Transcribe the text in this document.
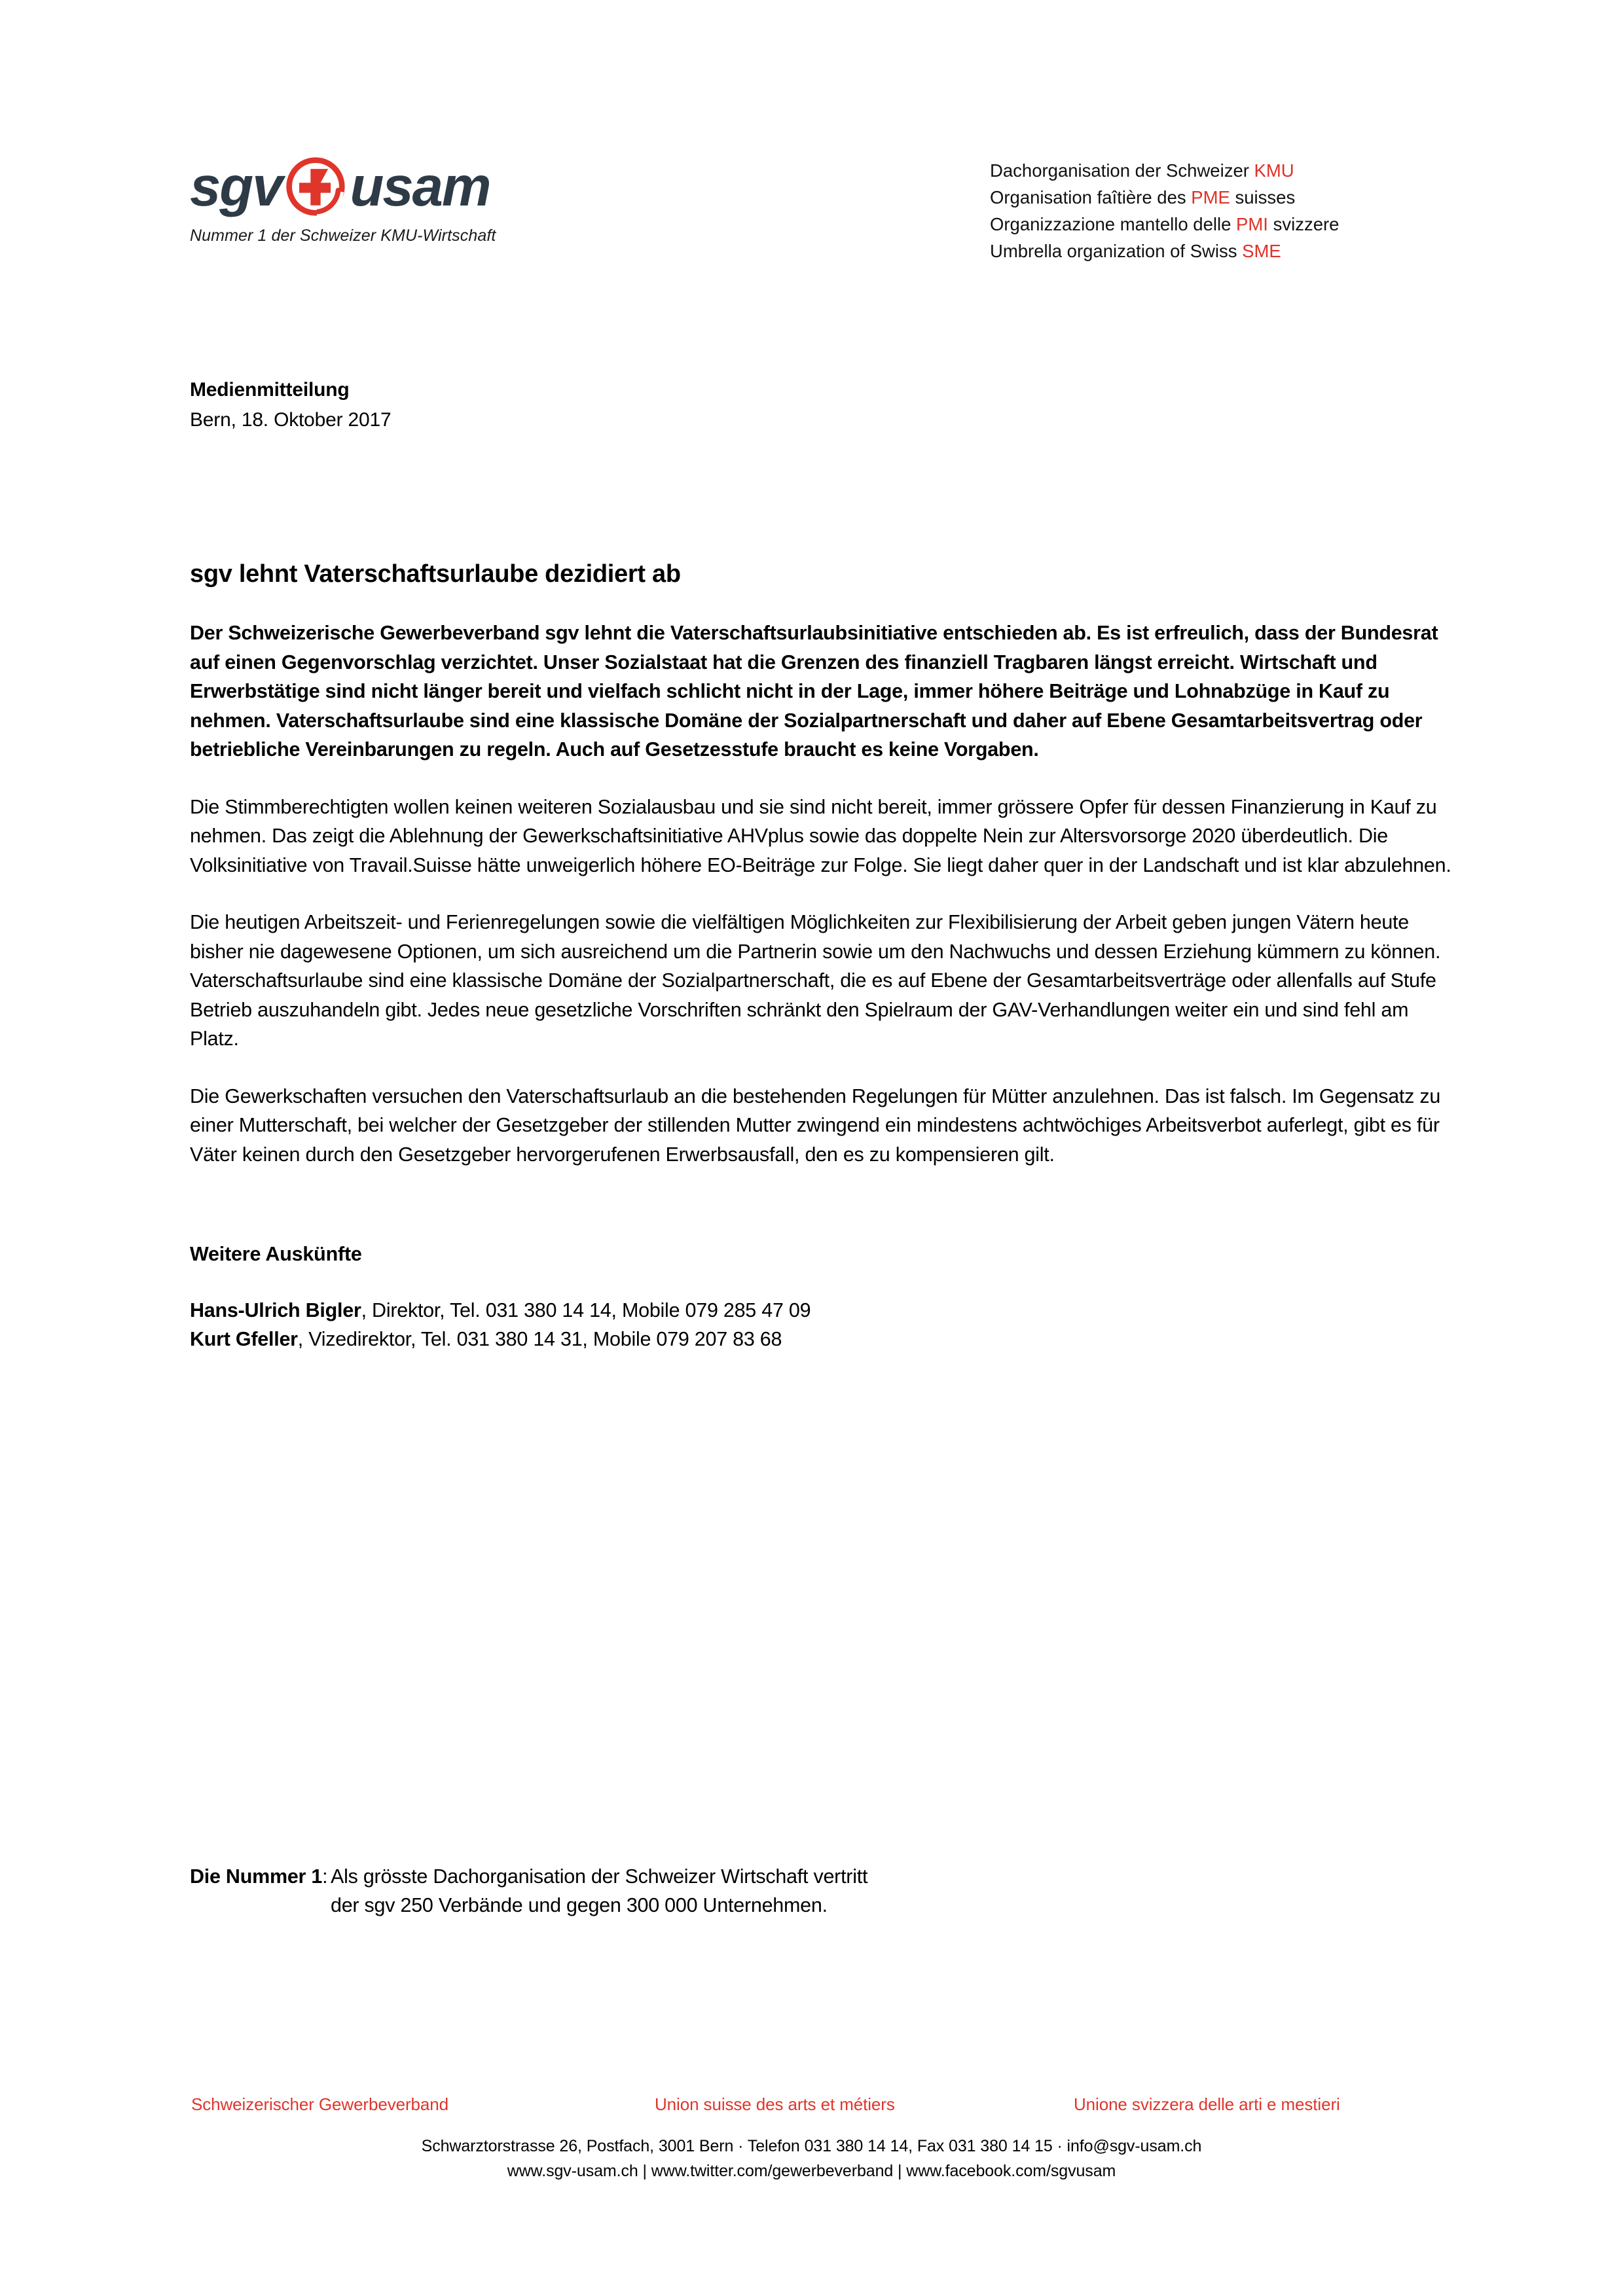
sgv usam
Nummer 1 der Schweizer KMU-Wirtschaft
Dachorganisation der Schweizer KMU
Organisation faîtière des PME suisses
Organizzazione mantello delle PMI svizzere
Umbrella organization of Swiss SME
Medienmitteilung
Bern, 18. Oktober 2017
sgv lehnt Vaterschaftsurlaube dezidiert ab

Der Schweizerische Gewerbeverband sgv lehnt die Vaterschaftsurlaubsinitiative entschieden ab. Es ist erfreulich, dass der Bundesrat auf einen Gegenvorschlag verzichtet. Unser Sozialstaat hat die Grenzen des finanziell Tragbaren längst erreicht. Wirtschaft und Erwerbstätige sind nicht länger bereit und vielfach schlicht nicht in der Lage, immer höhere Beiträge und Lohnabzüge in Kauf zu nehmen. Vaterschaftsurlaube sind eine klassische Domäne der Sozialpartnerschaft und daher auf Ebene Gesamtarbeitsvertrag oder betriebliche Vereinbarungen zu regeln. Auch auf Gesetzesstufe braucht es keine Vorgaben.

Die Stimmberechtigten wollen keinen weiteren Sozialausbau und sie sind nicht bereit, immer grössere Opfer für dessen Finanzierung in Kauf zu nehmen. Das zeigt die Ablehnung der Gewerkschaftsinitiative AHVplus sowie das doppelte Nein zur Altersvorsorge 2020 überdeutlich. Die Volksinitiative von Travail.Suisse hätte unweigerlich höhere EO-Beiträge zur Folge. Sie liegt daher quer in der Landschaft und ist klar abzulehnen.

Die heutigen Arbeitszeit- und Ferienregelungen sowie die vielfältigen Möglichkeiten zur Flexibilisierung der Arbeit geben jungen Vätern heute bisher nie dagewesene Optionen, um sich ausreichend um die Partnerin sowie um den Nachwuchs und dessen Erziehung kümmern zu können. Vaterschaftsurlaube sind eine klassische Domäne der Sozialpartnerschaft, die es auf Ebene der Gesamtarbeitsverträge oder allenfalls auf Stufe Betrieb auszuhandeln gibt. Jedes neue gesetzliche Vorschriften schränkt den Spielraum der GAV-Verhandlungen weiter ein und sind fehl am Platz.

Die Gewerkschaften versuchen den Vaterschaftsurlaub an die bestehenden Regelungen für Mütter anzulehnen. Das ist falsch. Im Gegensatz zu einer Mutterschaft, bei welcher der Gesetzgeber der stillenden Mutter zwingend ein mindestens achtwöchiges Arbeitsverbot auferlegt, gibt es für Väter keinen durch den Gesetzgeber hervorgerufenen Erwerbsausfall, den es zu kompensieren gilt.

Weitere Auskünfte
Hans-Ulrich Bigler, Direktor, Tel. 031 380 14 14, Mobile 079 285 47 09
Kurt Gfeller, Vizedirektor, Tel. 031 380 14 31, Mobile 079 207 83 68
Die Nummer 1: Als grösste Dachorganisation der Schweizer Wirtschaft vertritt
der sgv 250 Verbände und gegen 300 000 Unternehmen.
Schweizerischer Gewerbeverband	Union suisse des arts et métiers	Unione svizzera delle arti e mestieri
Schwarztorstrasse 26, Postfach, 3001 Bern · Telefon 031 380 14 14, Fax 031 380 14 15 · info@sgv-usam.ch
www.sgv-usam.ch | www.twitter.com/gewerbeverband | www.facebook.com/sgvusam
